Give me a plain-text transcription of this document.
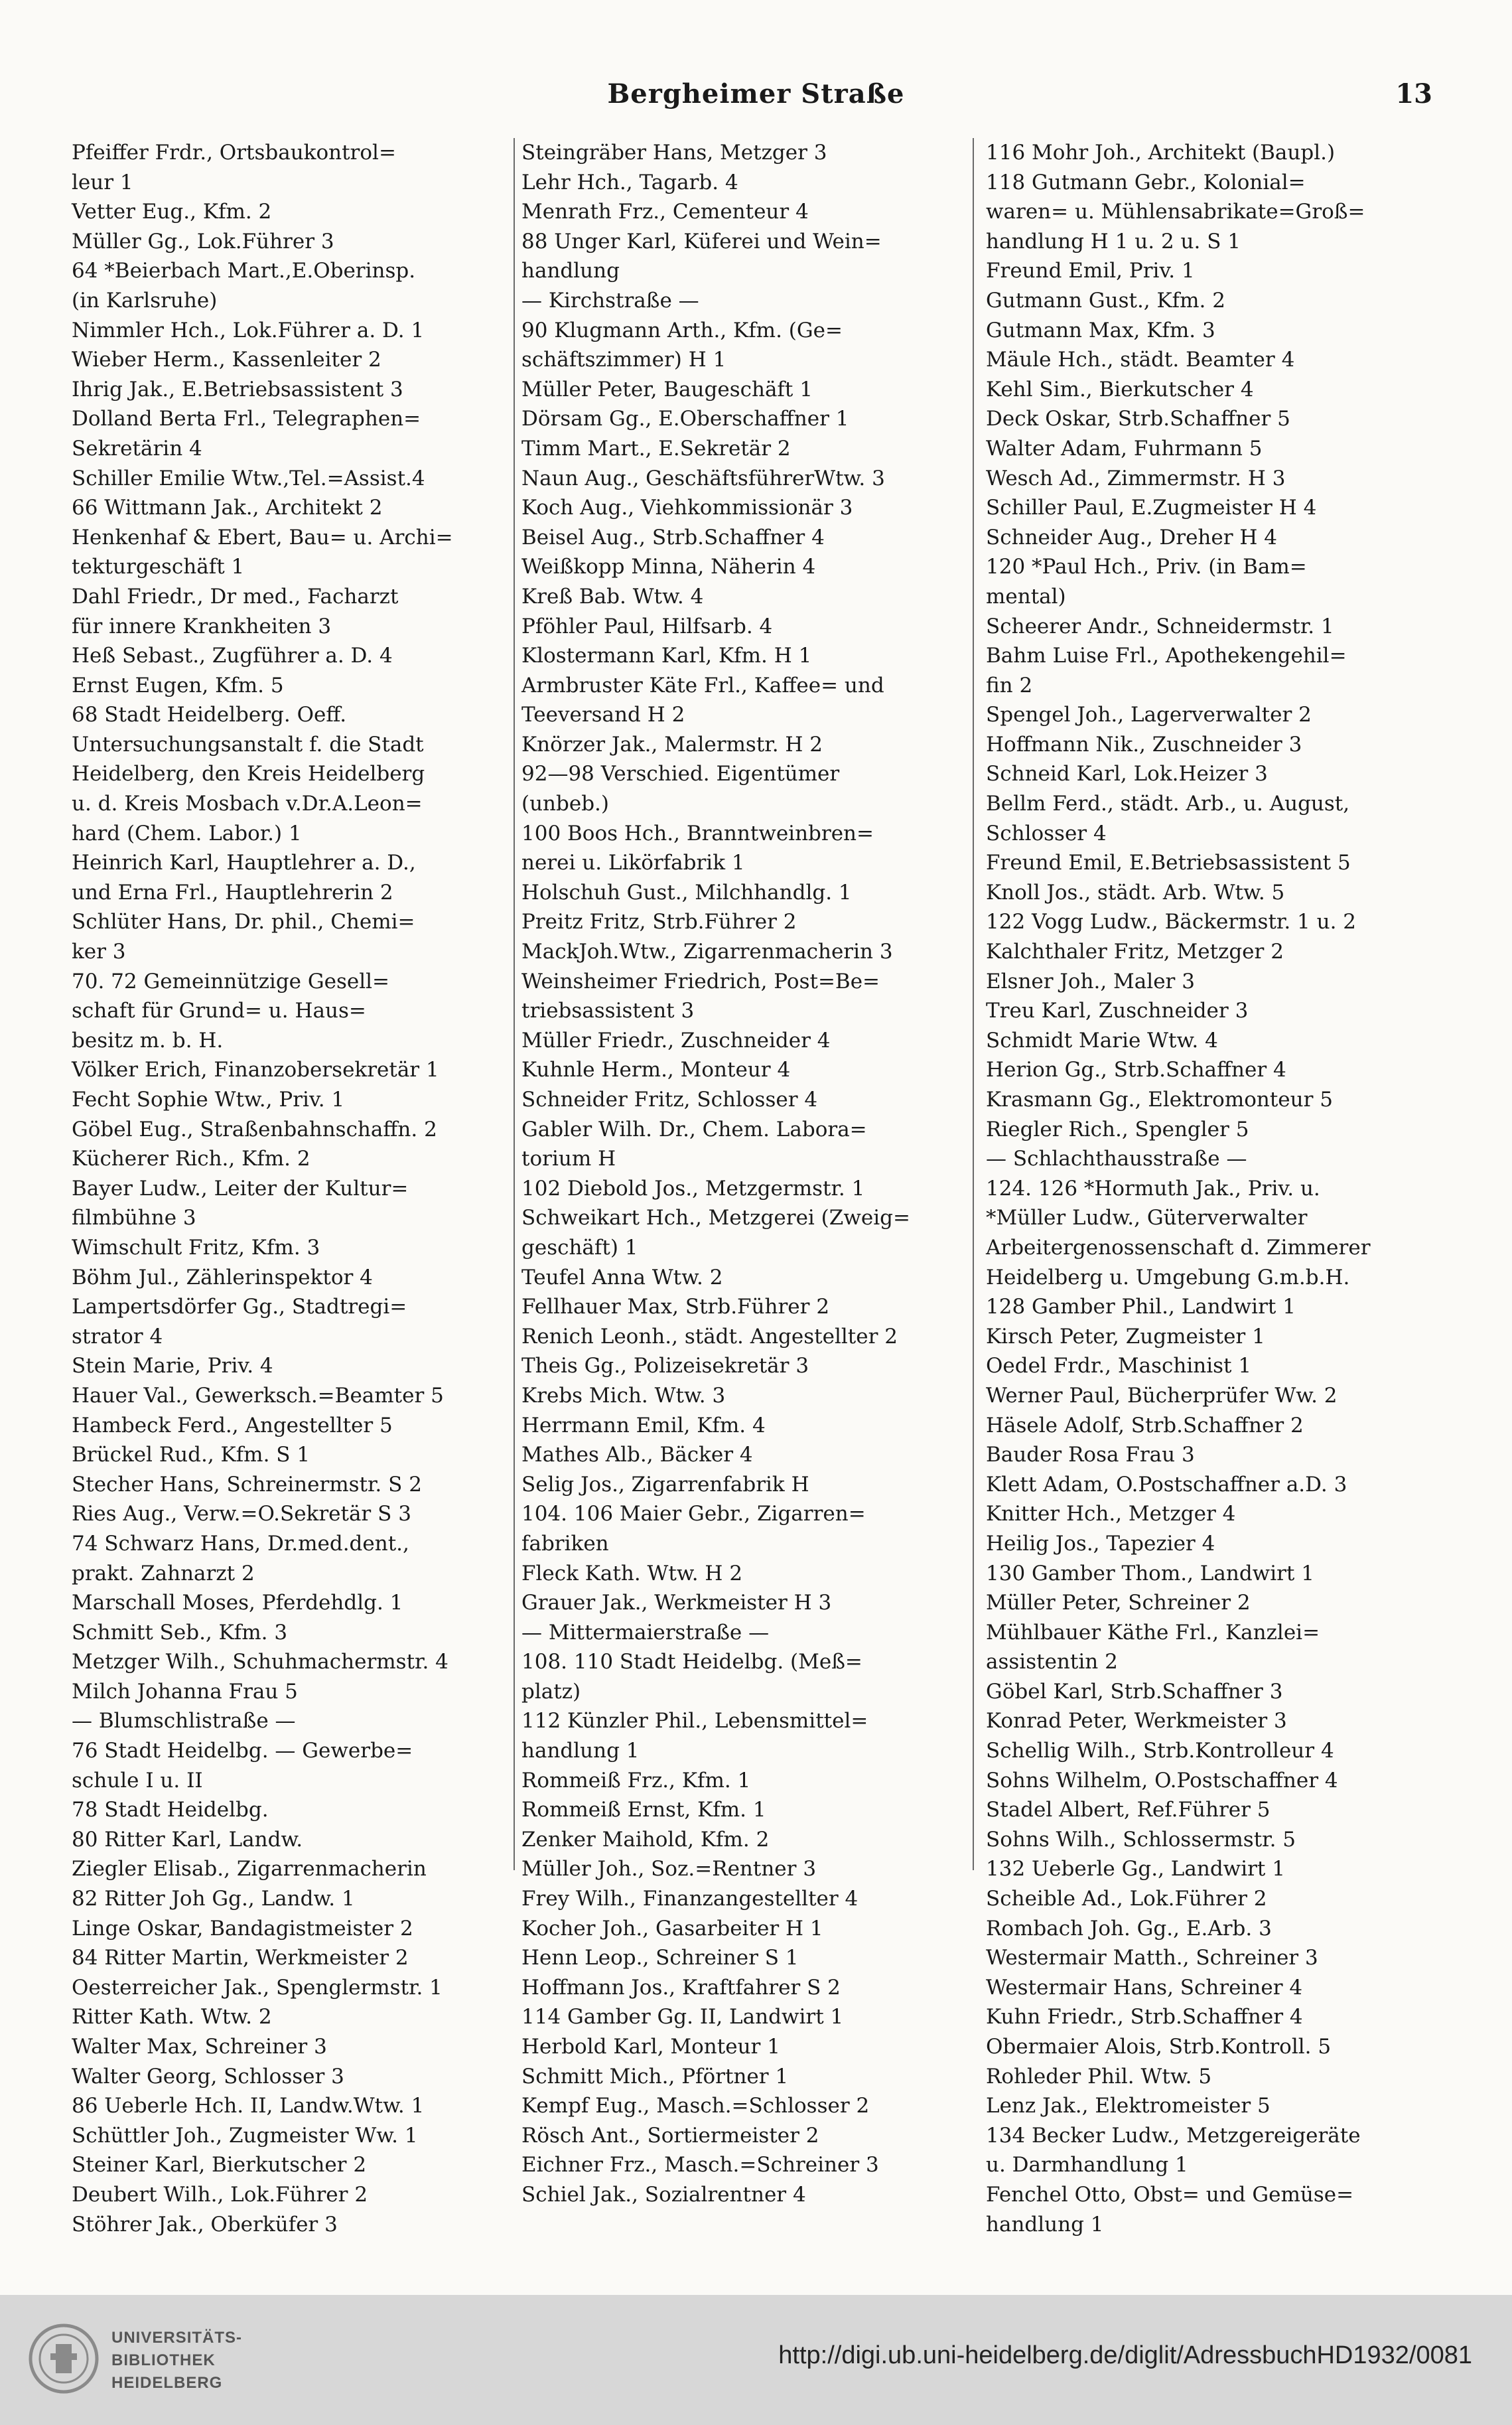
Bergheimer Straße	13
Pfeiffer Frdr., Ortsbaukontrol=
leur 1
Vetter Eug., Kfm. 2
Müller Gg., Lok.Führer 3
64 *Beierbach Mart.,E.Oberinsp.
(in Karlsruhe)
Nimmler Hch., Lok.Führer a. D. 1
Wieber Herm., Kassenleiter 2
Ihrig Jak., E.Betriebsassistent 3
Dolland Berta Frl., Telegraphen=
Sekretärin 4
Schiller Emilie Wtw.,Tel.=Assist.4
66 Wittmann Jak., Architekt 2
Henkenhaf & Ebert, Bau= u. Archi=
tekturgeschäft 1
Dahl Friedr., Dr med., Facharzt
für innere Krankheiten 3
Heß Sebast., Zugführer a. D. 4
Ernst Eugen, Kfm. 5
68 Stadt Heidelberg. Oeff.
Untersuchungsanstalt f. die Stadt
Heidelberg, den Kreis Heidelberg
u. d. Kreis Mosbach v.Dr.A.Leon=
hard (Chem. Labor.) 1
Heinrich Karl, Hauptlehrer a. D.,
und Erna Frl., Hauptlehrerin 2
Schlüter Hans, Dr. phil., Chemi=
ker 3
70. 72 Gemeinnützige Gesell=
schaft für Grund= u. Haus=
besitz m. b. H.
Völker Erich, Finanzobersekretär 1
Fecht Sophie Wtw., Priv. 1
Göbel Eug., Straßenbahnschaffn. 2
Kücherer Rich., Kfm. 2
Bayer Ludw., Leiter der Kultur=
filmbühne 3
Wimschult Fritz, Kfm. 3
Böhm Jul., Zählerinspektor 4
Lampertsdörfer Gg., Stadtregi=
strator 4
Stein Marie, Priv. 4
Hauer Val., Gewerksch.=Beamter 5
Hambeck Ferd., Angestellter 5
Brückel Rud., Kfm. S 1
Stecher Hans, Schreinermstr. S 2
Ries Aug., Verw.=O.Sekretär S 3
74 Schwarz Hans, Dr.med.dent.,
prakt. Zahnarzt 2
Marschall Moses, Pferdehdlg. 1
Schmitt Seb., Kfm. 3
Metzger Wilh., Schuhmachermstr. 4
Milch Johanna Frau 5
— Blumschlistraße —
76 Stadt Heidelbg. — Gewerbe=
schule I u. II
78 Stadt Heidelbg.
80 Ritter Karl, Landw.
Ziegler Elisab., Zigarrenmacherin
82 Ritter Joh Gg., Landw. 1
Linge Oskar, Bandagistmeister 2
84 Ritter Martin, Werkmeister 2
Oesterreicher Jak., Spenglermstr. 1
Ritter Kath. Wtw. 2
Walter Max, Schreiner 3
Walter Georg, Schlosser 3
86 Ueberle Hch. II, Landw.Wtw. 1
Schüttler Joh., Zugmeister Ww. 1
Steiner Karl, Bierkutscher 2
Deubert Wilh., Lok.Führer 2
Stöhrer Jak., Oberküfer 3
Steingräber Hans, Metzger 3
Lehr Hch., Tagarb. 4
Menrath Frz., Cementeur 4
88 Unger Karl, Küferei und Wein=
handlung
— Kirchstraße —
90 Klugmann Arth., Kfm. (Ge=
schäftszimmer) H 1
Müller Peter, Baugeschäft 1
Dörsam Gg., E.Oberschaffner 1
Timm Mart., E.Sekretär 2
Naun Aug., GeschäftsführerWtw. 3
Koch Aug., Viehkommissionär 3
Beisel Aug., Strb.Schaffner 4
Weißkopp Minna, Näherin 4
Kreß Bab. Wtw. 4
Pföhler Paul, Hilfsarb. 4
Klostermann Karl, Kfm. H 1
Armbruster Käte Frl., Kaffee= und
Teeversand H 2
Knörzer Jak., Malermstr. H 2
92—98 Verschied. Eigentümer
(unbeb.)
100 Boos Hch., Branntweinbren=
nerei u. Likörfabrik 1
Holschuh Gust., Milchhandlg. 1
Preitz Fritz, Strb.Führer 2
MackJoh.Wtw., Zigarrenmacherin 3
Weinsheimer Friedrich, Post=Be=
triebsassistent 3
Müller Friedr., Zuschneider 4
Kuhnle Herm., Monteur 4
Schneider Fritz, Schlosser 4
Gabler Wilh. Dr., Chem. Labora=
torium H
102 Diebold Jos., Metzgermstr. 1
Schweikart Hch., Metzgerei (Zweig=
geschäft) 1
Teufel Anna Wtw. 2
Fellhauer Max, Strb.Führer 2
Renich Leonh., städt. Angestellter 2
Theis Gg., Polizeisekretär 3
Krebs Mich. Wtw. 3
Herrmann Emil, Kfm. 4
Mathes Alb., Bäcker 4
Selig Jos., Zigarrenfabrik H
104. 106 Maier Gebr., Zigarren=
fabriken
Fleck Kath. Wtw. H 2
Grauer Jak., Werkmeister H 3
— Mittermaierstraße —
108. 110 Stadt Heidelbg. (Meß=
platz)
112 Künzler Phil., Lebensmittel=
handlung 1
Rommeiß Frz., Kfm. 1
Rommeiß Ernst, Kfm. 1
Zenker Maihold, Kfm. 2
Müller Joh., Soz.=Rentner 3
Frey Wilh., Finanzangestellter 4
Kocher Joh., Gasarbeiter H 1
Henn Leop., Schreiner S 1
Hoffmann Jos., Kraftfahrer S 2
114 Gamber Gg. II, Landwirt 1
Herbold Karl, Monteur 1
Schmitt Mich., Pförtner 1
Kempf Eug., Masch.=Schlosser 2
Rösch Ant., Sortiermeister 2
Eichner Frz., Masch.=Schreiner 3
Schiel Jak., Sozialrentner 4
116 Mohr Joh., Architekt (Baupl.)
118 Gutmann Gebr., Kolonial=
waren= u. Mühlensabrikate=Groß=
handlung H 1 u. 2 u. S 1
Freund Emil, Priv. 1
Gutmann Gust., Kfm. 2
Gutmann Max, Kfm. 3
Mäule Hch., städt. Beamter 4
Kehl Sim., Bierkutscher 4
Deck Oskar, Strb.Schaffner 5
Walter Adam, Fuhrmann 5
Wesch Ad., Zimmermstr. H 3
Schiller Paul, E.Zugmeister H 4
Schneider Aug., Dreher H 4
120 *Paul Hch., Priv. (in Bam=
mental)
Scheerer Andr., Schneidermstr. 1
Bahm Luise Frl., Apothekengehil=
fin 2
Spengel Joh., Lagerverwalter 2
Hoffmann Nik., Zuschneider 3
Schneid Karl, Lok.Heizer 3
Bellm Ferd., städt. Arb., u. August,
Schlosser 4
Freund Emil, E.Betriebsassistent 5
Knoll Jos., städt. Arb. Wtw. 5
122 Vogg Ludw., Bäckermstr. 1 u. 2
Kalchthaler Fritz, Metzger 2
Elsner Joh., Maler 3
Treu Karl, Zuschneider 3
Schmidt Marie Wtw. 4
Herion Gg., Strb.Schaffner 4
Krasmann Gg., Elektromonteur 5
Riegler Rich., Spengler 5
— Schlachthausstraße —
124. 126 *Hormuth Jak., Priv. u.
*Müller Ludw., Güterverwalter
Arbeitergenossenschaft d. Zimmerer
Heidelberg u. Umgebung G.m.b.H.
128 Gamber Phil., Landwirt 1
Kirsch Peter, Zugmeister 1
Oedel Frdr., Maschinist 1
Werner Paul, Bücherprüfer Ww. 2
Häsele Adolf, Strb.Schaffner 2
Bauder Rosa Frau 3
Klett Adam, O.Postschaffner a.D. 3
Knitter Hch., Metzger 4
Heilig Jos., Tapezier 4
130 Gamber Thom., Landwirt 1
Müller Peter, Schreiner 2
Mühlbauer Käthe Frl., Kanzlei=
assistentin 2
Göbel Karl, Strb.Schaffner 3
Konrad Peter, Werkmeister 3
Schellig Wilh., Strb.Kontrolleur 4
Sohns Wilhelm, O.Postschaffner 4
Stadel Albert, Ref.Führer 5
Sohns Wilh., Schlossermstr. 5
132 Ueberle Gg., Landwirt 1
Scheible Ad., Lok.Führer 2
Rombach Joh. Gg., E.Arb. 3
Westermair Matth., Schreiner 3
Westermair Hans, Schreiner 4
Kuhn Friedr., Strb.Schaffner 4
Obermaier Alois, Strb.Kontroll. 5
Rohleder Phil. Wtw. 5
Lenz Jak., Elektromeister 5
134 Becker Ludw., Metzgereigeräte
u. Darmhandlung 1
Fenchel Otto, Obst= und Gemüse=
handlung 1
UNIVERSITÄTS-
BIBLIOTHEK
HEIDELBERG
http://digi.ub.uni-heidelberg.de/diglit/AdressbuchHD1932/0081
